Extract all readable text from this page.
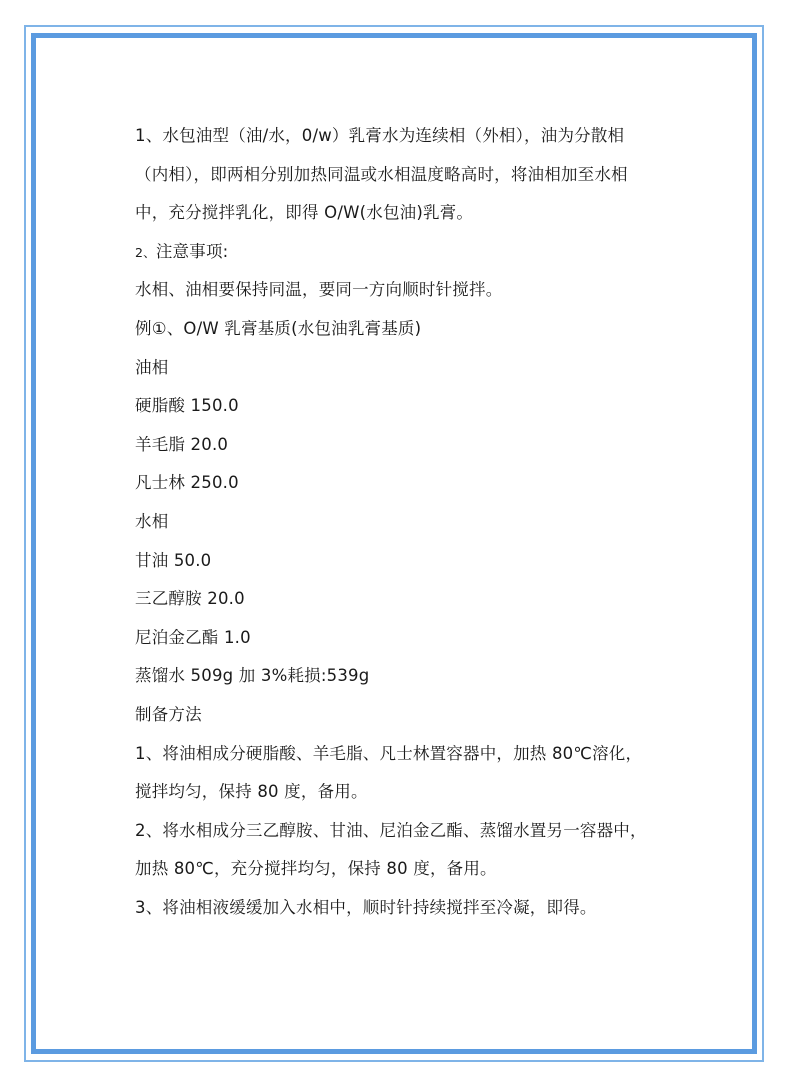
1、水包油型（油/水，0/w）乳膏水为连续相（外相），油为分散相
（内相），即两相分别加热同温或水相温度略高时，将油相加至水相
中，充分搅拌乳化，即得 O/W(水包油)乳膏。
2、注意事项:
水相、油相要保持同温，要同一方向顺时针搅拌。
例①、O/W 乳膏基质(水包油乳膏基质)
油相
硬脂酸 150.0
羊毛脂 20.0
凡士林 250.0
水相
甘油 50.0
三乙醇胺 20.0
尼泊金乙酯 1.0
蒸馏水 509g 加 3%耗损:539g
制备方法
1、将油相成分硬脂酸、羊毛脂、凡士林置容器中，加热 80℃溶化，
搅拌均匀，保持 80 度，备用。
2、将水相成分三乙醇胺、甘油、尼泊金乙酯、蒸馏水置另一容器中，
加热 80℃，充分搅拌均匀，保持 80 度，备用。
3、将油相液缓缓加入水相中，顺时针持续搅拌至冷凝，即得。
